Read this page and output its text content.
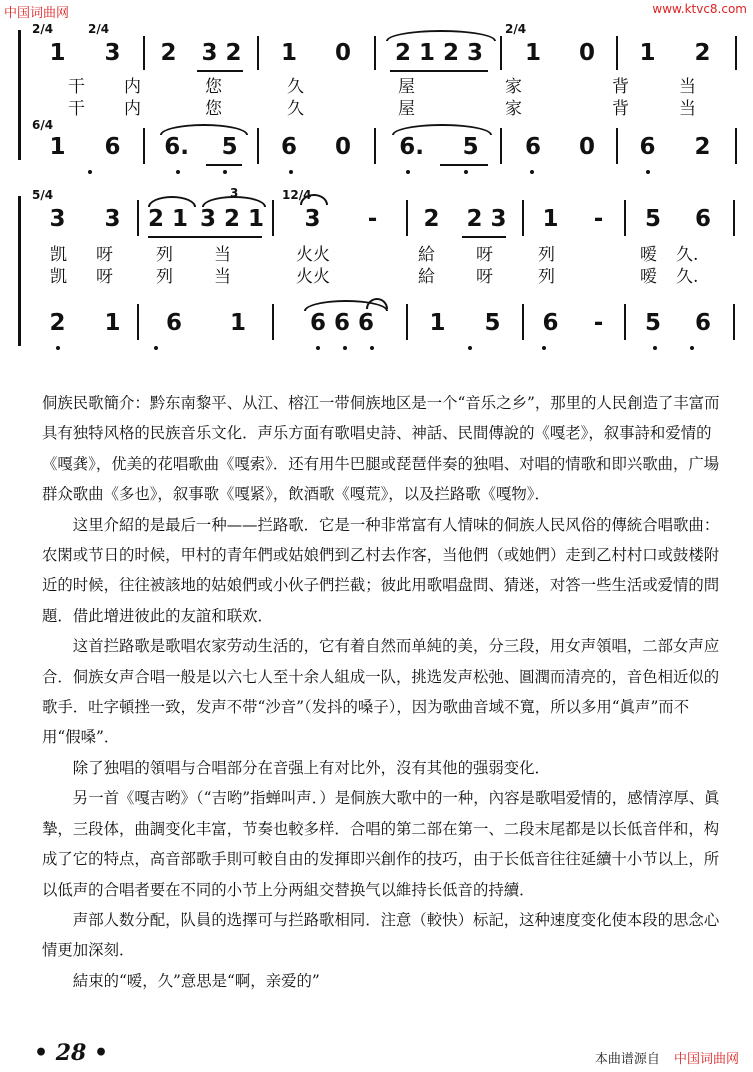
中国词曲网	www.ktvc8.com
2/4	2/4	2/4
6/4
1 3 2 3 2 1 0 2 1 2 3 1 0 1 2
干 内	您	久	屋	家	背	当
干 内	您	久	屋	家	背	当
1 6 6. 5 6 0 6. 5 6 0 6 2
5/4	12/4
3
3 3 2 1 3 2 1 3 - 2 2 3 1 - 5 6
凯 呀	列 当	火火	給 呀	列	嗳 久.
凯 呀	列 当	火火	給 呀	列	嗳 久.
2 1 6 1	6 6 6 1 5 6 - 5 6

侗族民歌簡介：黔东南黎平、从江、榕江一带侗族地区是一个“音乐之乡”，那里的人民創造了丰富而具有独特风格的民族音乐文化．声乐方面有歌唱史詩、神話、民間傳說的《嘎老》，叙事詩和爱情的《嘎龚》，优美的花唱歌曲《嘎索》．还有用牛巴腿或琵琶伴奏的独唱、对唱的情歌和即兴歌曲，广場群众歌曲《多也》，叙事歌《嘎紧》，飲酒歌《嘎荒》，以及拦路歌《嘎物》．

这里介紹的是最后一种——拦路歌．它是一种非常富有人情味的侗族人民风俗的傳統合唱歌曲：农閑或节日的时候，甲村的青年們或姑娘們到乙村去作客，当他們（或她們）走到乙村村口或鼓楼附近的时候，往往被該地的姑娘們或小伙子們拦截；彼此用歌唱盘問、猜迷，对答一些生活或爱情的問題．借此增进彼此的友誼和联欢．

这首拦路歌是歌唱农家劳动生活的，它有着自然而单純的美，分三段，用女声領唱，二部女声应合．侗族女声合唱一般是以六七人至十余人組成一队，挑选发声松弛、圓潤而清亮的，音色相近似的歌手．吐字頓挫一致，发声不带“沙音”（发抖的嗓子），因为歌曲音域不寬，所以多用“眞声”而不用“假嗓”．

除了独唱的領唱与合唱部分在音强上有对比外，沒有其他的强弱变化．

另一首《嘎吉哟》（“吉哟”指蝉叫声．）是侗族大歌中的一种，內容是歌唱爱情的，感情淳厚、眞摯，三段体，曲調变化丰富，节奏也較多样．合唱的第二部在第一、二段末尾都是以长低音伴和，构成了它的特点，高音部歌手則可較自由的发揮即兴創作的技巧，由于长低音往往延續十小节以上，所以低声的合唱者要在不同的小节上分两組交替换气以維持长低音的持續．

声部人数分配，队員的选擇可与拦路歌相同．注意（較快）标記，这种速度变化使本段的思念心情更加深刻．

結束的“嗳，久”意思是“啊，亲爱的”

• 28 •	本曲谱源自 中国词曲网
